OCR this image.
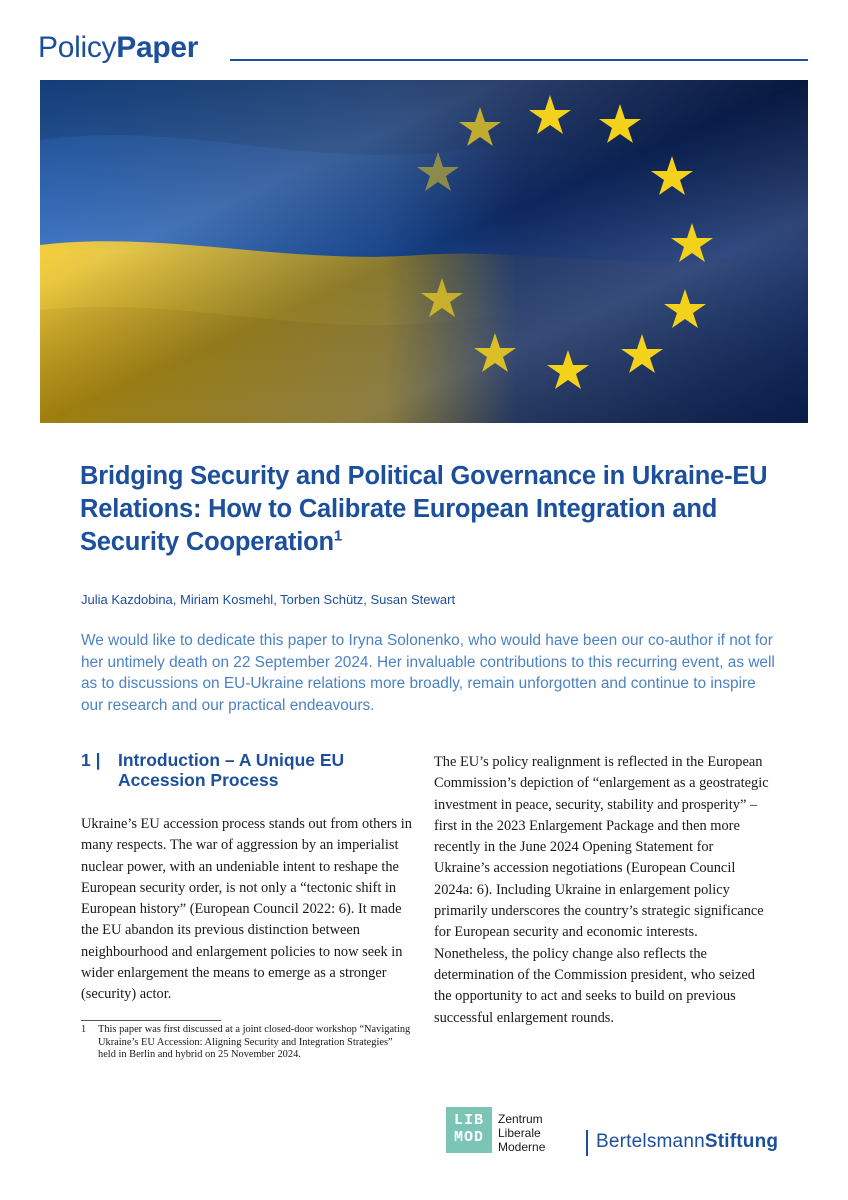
PolicyPaper
Bridging Security and Political Governance in Ukraine-EU Relations: How to Calibrate European Integration and Security Cooperation$^1$
Julia Kazdobina, Miriam Kosmehl, Torben Schütz, Susan Stewart

We would like to dedicate this paper to Iryna Solonenko, who would have been our co-author if not for her untimely death on 22 September 2024. Her invaluable contributions to this recurring event, as well as to discussions on EU-Ukraine relations more broadly, remain unforgotten and continue to inspire our research and our practical endeavours.

1 |	Introduction – A Unique EU Accession Process

Ukraine’s EU accession process stands out from others in many respects. The war of aggression by an imperialist nuclear power, with an undeniable intent to reshape the European security order, is not only a “tectonic shift in European history” (European Council 2022: 6). It made the EU abandon its previous distinction between neighbourhood and enlargement policies to now seek in wider enlargement the means to emerge as a stronger (security) actor.

The EU’s policy realignment is reflected in the European Commission’s depiction of “enlargement as a geostrategic investment in peace, security, stability and prosperity” – first in the 2023 Enlargement Package and then more recently in the June 2024 Opening Statement for Ukraine’s accession negotiations (European Council 2024a: 6). Including Ukraine in enlargement policy primarily underscores the country’s strategic significance for European security and economic interests. Nonetheless, the policy change also reflects the determination of the Commission president, who seized the opportunity to act and seeks to build on previous successful enlargement rounds.

1	This paper was first discussed at a joint closed-door workshop “Navigating Ukraine’s EU Accession: Aligning Security and Integration Strategies” held in Berlin and hybrid on 25 November 2024.
LIB
MOD
Zentrum
Liberale
Moderne	BertelsmannStiftung
